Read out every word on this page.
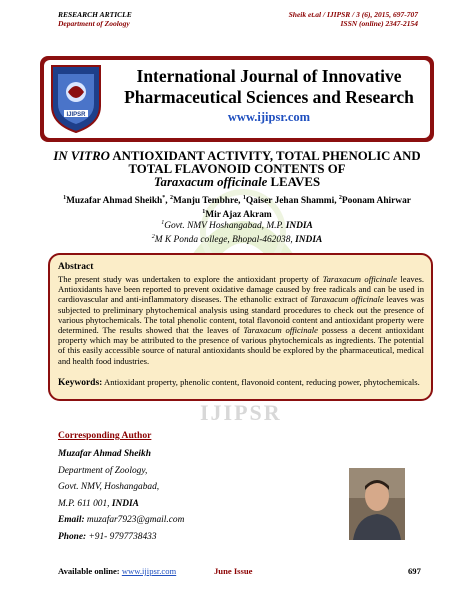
RESEARCH ARTICLE
Department of Zoology
Sheik et.al / IJIPSR / 3 (6), 2015, 697-707
ISSN (online) 2347-2154
IJIPSR
International Journal of Innovative
Pharmaceutical Sciences and Research
www.ijipsr.com
IN VITRO ANTIOXIDANT ACTIVITY, TOTAL PHENOLIC AND
TOTAL FLAVONOID CONTENTS OF
Taraxacum officinale LEAVES
$^1$Muzafar Ahmad Sheikh*, $^2$Manju Tembhre, $^1$Qaiser Jehan Shammi, $^2$Poonam Ahirwar
$^1$Mir Ajaz Akram
$^1$Govt. NMV Hoshangabad, M.P. INDIA
$^2$M K Ponda college, Bhopal-462038, INDIA
Abstract
The present study was undertaken to explore the antioxidant property of Taraxacum officinale leaves. Antioxidants have been reported to prevent oxidative damage caused by free radicals and can be used in cardiovascular and anti-inflammatory diseases. The ethanolic extract of Taraxacum officinale leaves was subjected to preliminary phytochemical analysis using standard procedures to check out the presence of various phytochemicals. The total phenolic content, total flavonoid content and antioxidant property were determined. The results showed that the leaves of Taraxacum officinale possess a decent antioxidant property which may be attributed to the presence of various phytochemicals as ingredients. The potential of this easily accessible source of natural antioxidants should be explored by the pharmaceutical, medical and health food industries.
Keywords: Antioxidant property, phenolic content, flavonoid content, reducing power, phytochemicals.
IJIPSR
Corresponding Author
Muzafar Ahmad Sheikh
Department of Zoology,
Govt. NMV, Hoshangabad,
M.P. 611 001, INDIA
Email: muzafar7923@gmail.com
Phone: +91- 9797738433
Available online: www.ijipsr.com	June Issue	697
